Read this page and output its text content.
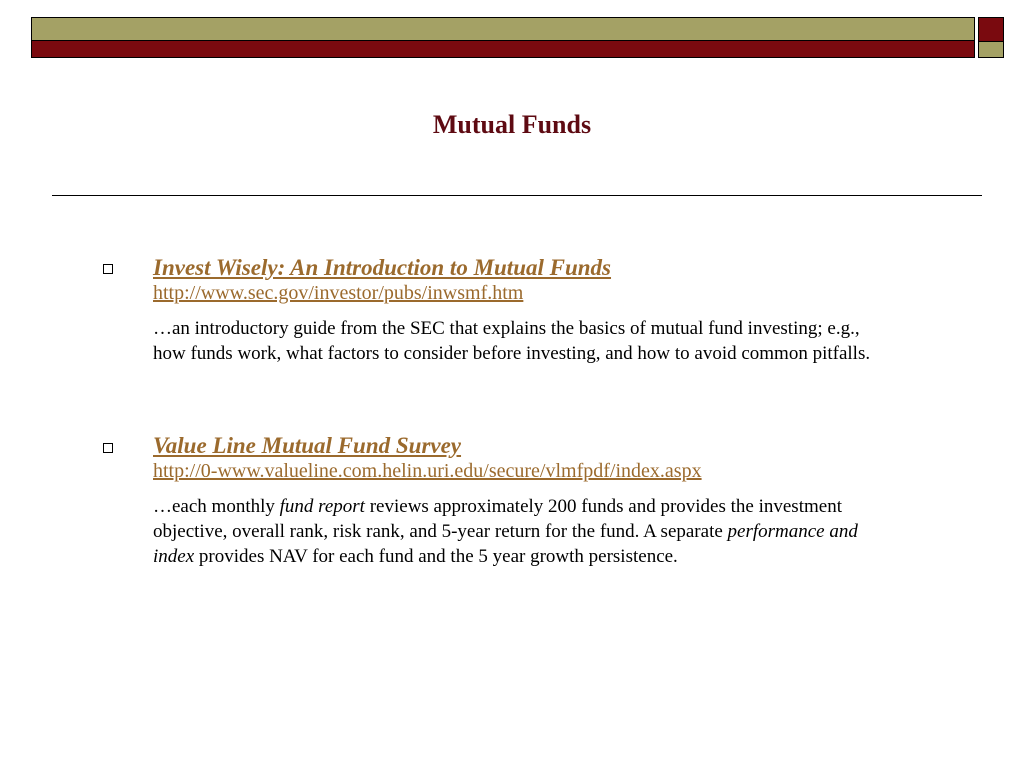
Mutual Funds
Invest Wisely: An Introduction to Mutual Funds
http://www.sec.gov/investor/pubs/inwsmf.htm
…an introductory guide from the SEC that explains the basics of mutual fund investing; e.g., how funds work, what factors to consider before investing, and how to avoid common pitfalls.
Value Line Mutual Fund Survey
http://0-www.valueline.com.helin.uri.edu/secure/vlmfpdf/index.aspx
…each monthly fund report reviews approximately 200 funds and provides the investment objective, overall rank, risk rank, and 5-year return for the fund. A separate performance and index provides NAV for each fund and the 5 year growth persistence.
